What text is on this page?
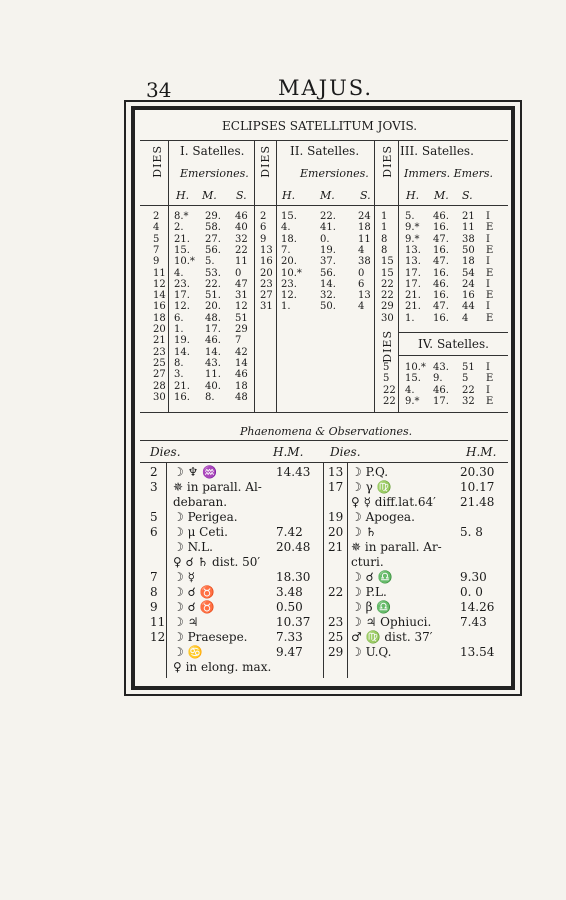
34	MAJUS.
ECLIPSES SATELLITUM JOVIS.
DIES	DIES	DIES
DIES
I. Satelles.	II. Satelles.	III. Satelles.
Emersiones.	Emersiones.	Immers. Emers.
H. M. S.	H. M. S.	H. M. S.
2 8.* 29. 46
4 2. 58. 40
5 21. 27. 32
7 15. 56. 22
9 10.* 5. 11
11 4. 53. 0
12 23. 22. 47
14 17. 51. 31
16 12. 20. 12
18 6. 48. 51
20 1. 17. 29
21 19. 46. 7
23 14. 14. 42
25 8. 43. 14
27 3. 11. 46
28 21. 40. 18
30 16. 8. 48
2 15. 22. 24
6 4.	41. 18
9 18. 0.	11
13 7.	19. 4
16 20. 37. 38
20 10.* 56. 0
23 23. 14. 6
27 12. 32. 13
31 1.	50. 4
1 5. 46. 21 I
1 9.* 16. 11 E
8 9.* 47. 38 I
8 13. 16. 50 E
15 13. 47. 18 I
15 17. 16. 54 E
22 17. 46. 24 I
22 21. 16. 16 E
29 21. 47. 44 I
30 1. 16. 4 E
5 10.* 43. 51 I
5 15. 9. 5 E
22 4. 46. 22 I
22 9.* 17. 32 E
IV. Satelles.
Phaenomena & Observationes.
Dies.	H.M. Dies.	H.M.
2 ☽ ♆ ♒	14.43
3 ✵ in parall. Al-
debaran.
5 ☽ Perigea.
6 ☽ μ Ceti.	7.42
☽ N.L.	20.48
♀ ☌ ♄ dist. 50′
7 ☽ ☿	18.30
8 ☽ ☌ ♉	3.48
9 ☽ ☌ ♉	0.50
11 ☽ ♃	10.37
12 ☽ Praesepe. 7.33
☽ ♋	9.47
♀ in elong. max.
13 ☽ P.Q.	20.30
17 ☽ γ ♍	10.17
♀ ☿ diff.lat.64′ 21.48
19 ☽ Apogea.
20 ☽ ♄	5. 8
21 ✵ in parall. Ar-
cturi.
☽ ☌ ♎	9.30
22 ☽ P.L.	0. 0
☽ β ♎	14.26
23 ☽ ♃ Ophiuci. 7.43
25 ♂ ♍ dist. 37′
29 ☽ U.Q.	13.54
